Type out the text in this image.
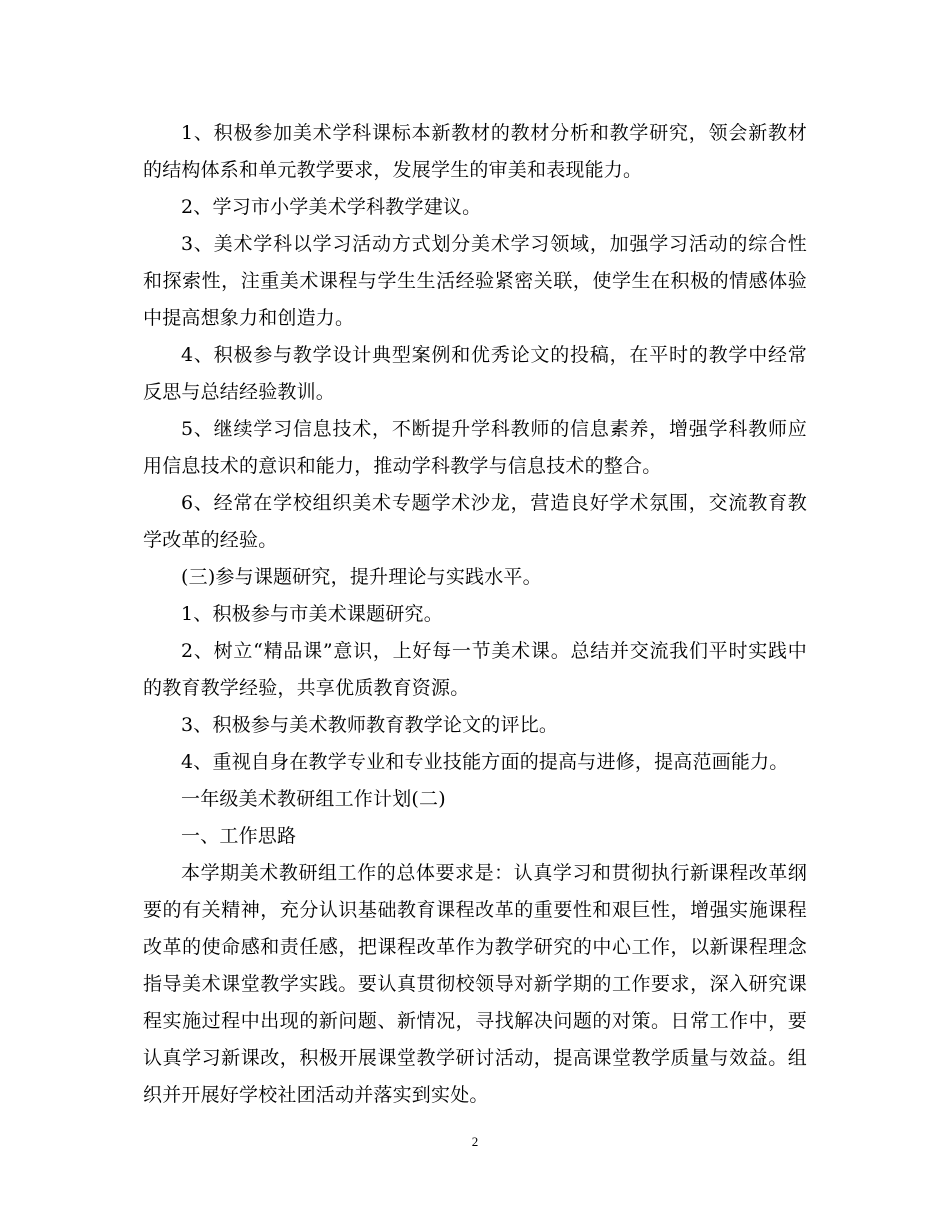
1、积极参加美术学科课标本新教材的教材分析和教学研究，领会新教材的结构体系和单元教学要求，发展学生的审美和表现能力。

2、学习市小学美术学科教学建议。

3、美术学科以学习活动方式划分美术学习领域，加强学习活动的综合性和探索性，注重美术课程与学生生活经验紧密关联，使学生在积极的情感体验中提高想象力和创造力。

4、积极参与教学设计典型案例和优秀论文的投稿，在平时的教学中经常反思与总结经验教训。

5、继续学习信息技术，不断提升学科教师的信息素养，增强学科教师应用信息技术的意识和能力，推动学科教学与信息技术的整合。

6、经常在学校组织美术专题学术沙龙，营造良好学术氛围，交流教育教学改革的经验。

(三)参与课题研究，提升理论与实践水平。

1、积极参与市美术课题研究。

2、树立“精品课”意识，上好每一节美术课。总结并交流我们平时实践中的教育教学经验，共享优质教育资源。

3、积极参与美术教师教育教学论文的评比。

4、重视自身在教学专业和专业技能方面的提高与进修，提高范画能力。

一年级美术教研组工作计划(二)

一、工作思路

本学期美术教研组工作的总体要求是：认真学习和贯彻执行新课程改革纲要的有关精神，充分认识基础教育课程改革的重要性和艰巨性，增强实施课程改革的使命感和责任感，把课程改革作为教学研究的中心工作，以新课程理念指导美术课堂教学实践。要认真贯彻校领导对新学期的工作要求，深入研究课程实施过程中出现的新问题、新情况，寻找解决问题的对策。日常工作中，要认真学习新课改，积极开展课堂教学研讨活动，提高课堂教学质量与效益。组织并开展好学校社团活动并落实到实处。

2
